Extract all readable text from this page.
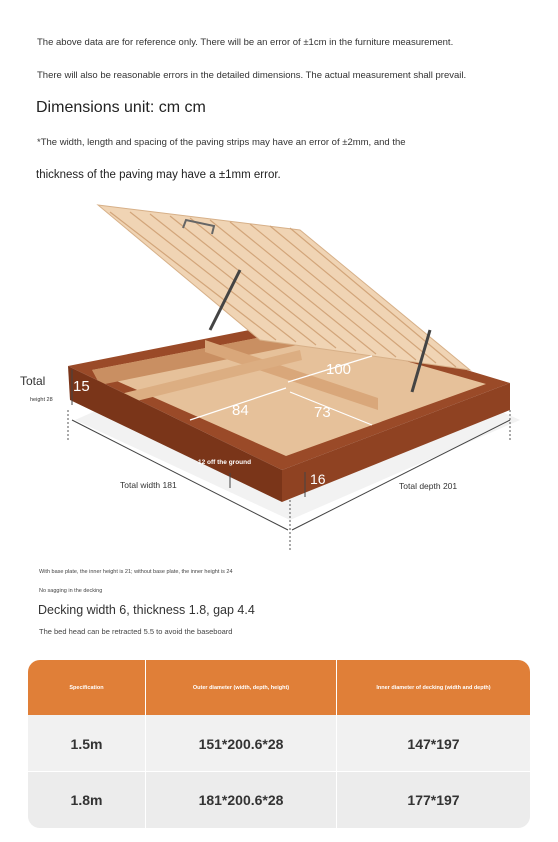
The above data are for reference only. There will be an error of ±1cm in the furniture measurement.
There will also be reasonable errors in the detailed dimensions. The actual measurement shall prevail.
Dimensions unit: cm cm
*The width, length and spacing of the paving strips may have an error of ±2mm, and the
thickness of the paving may have a ±1mm error.
Total
height 28
15
100
84	73
12 off the ground
16
Total width 181	Total depth 201
With base plate, the inner height is 21; without base plate, the inner height is 24
No sagging in the decking
Decking width 6, thickness 1.8, gap 4.4
The bed head can be retracted 5.5 to avoid the baseboard
Specification	Outer diameter (width, depth, height)	Inner diameter of decking (width and depth)
1.5m	151*200.6*28	147*197
1.8m	181*200.6*28	177*197
